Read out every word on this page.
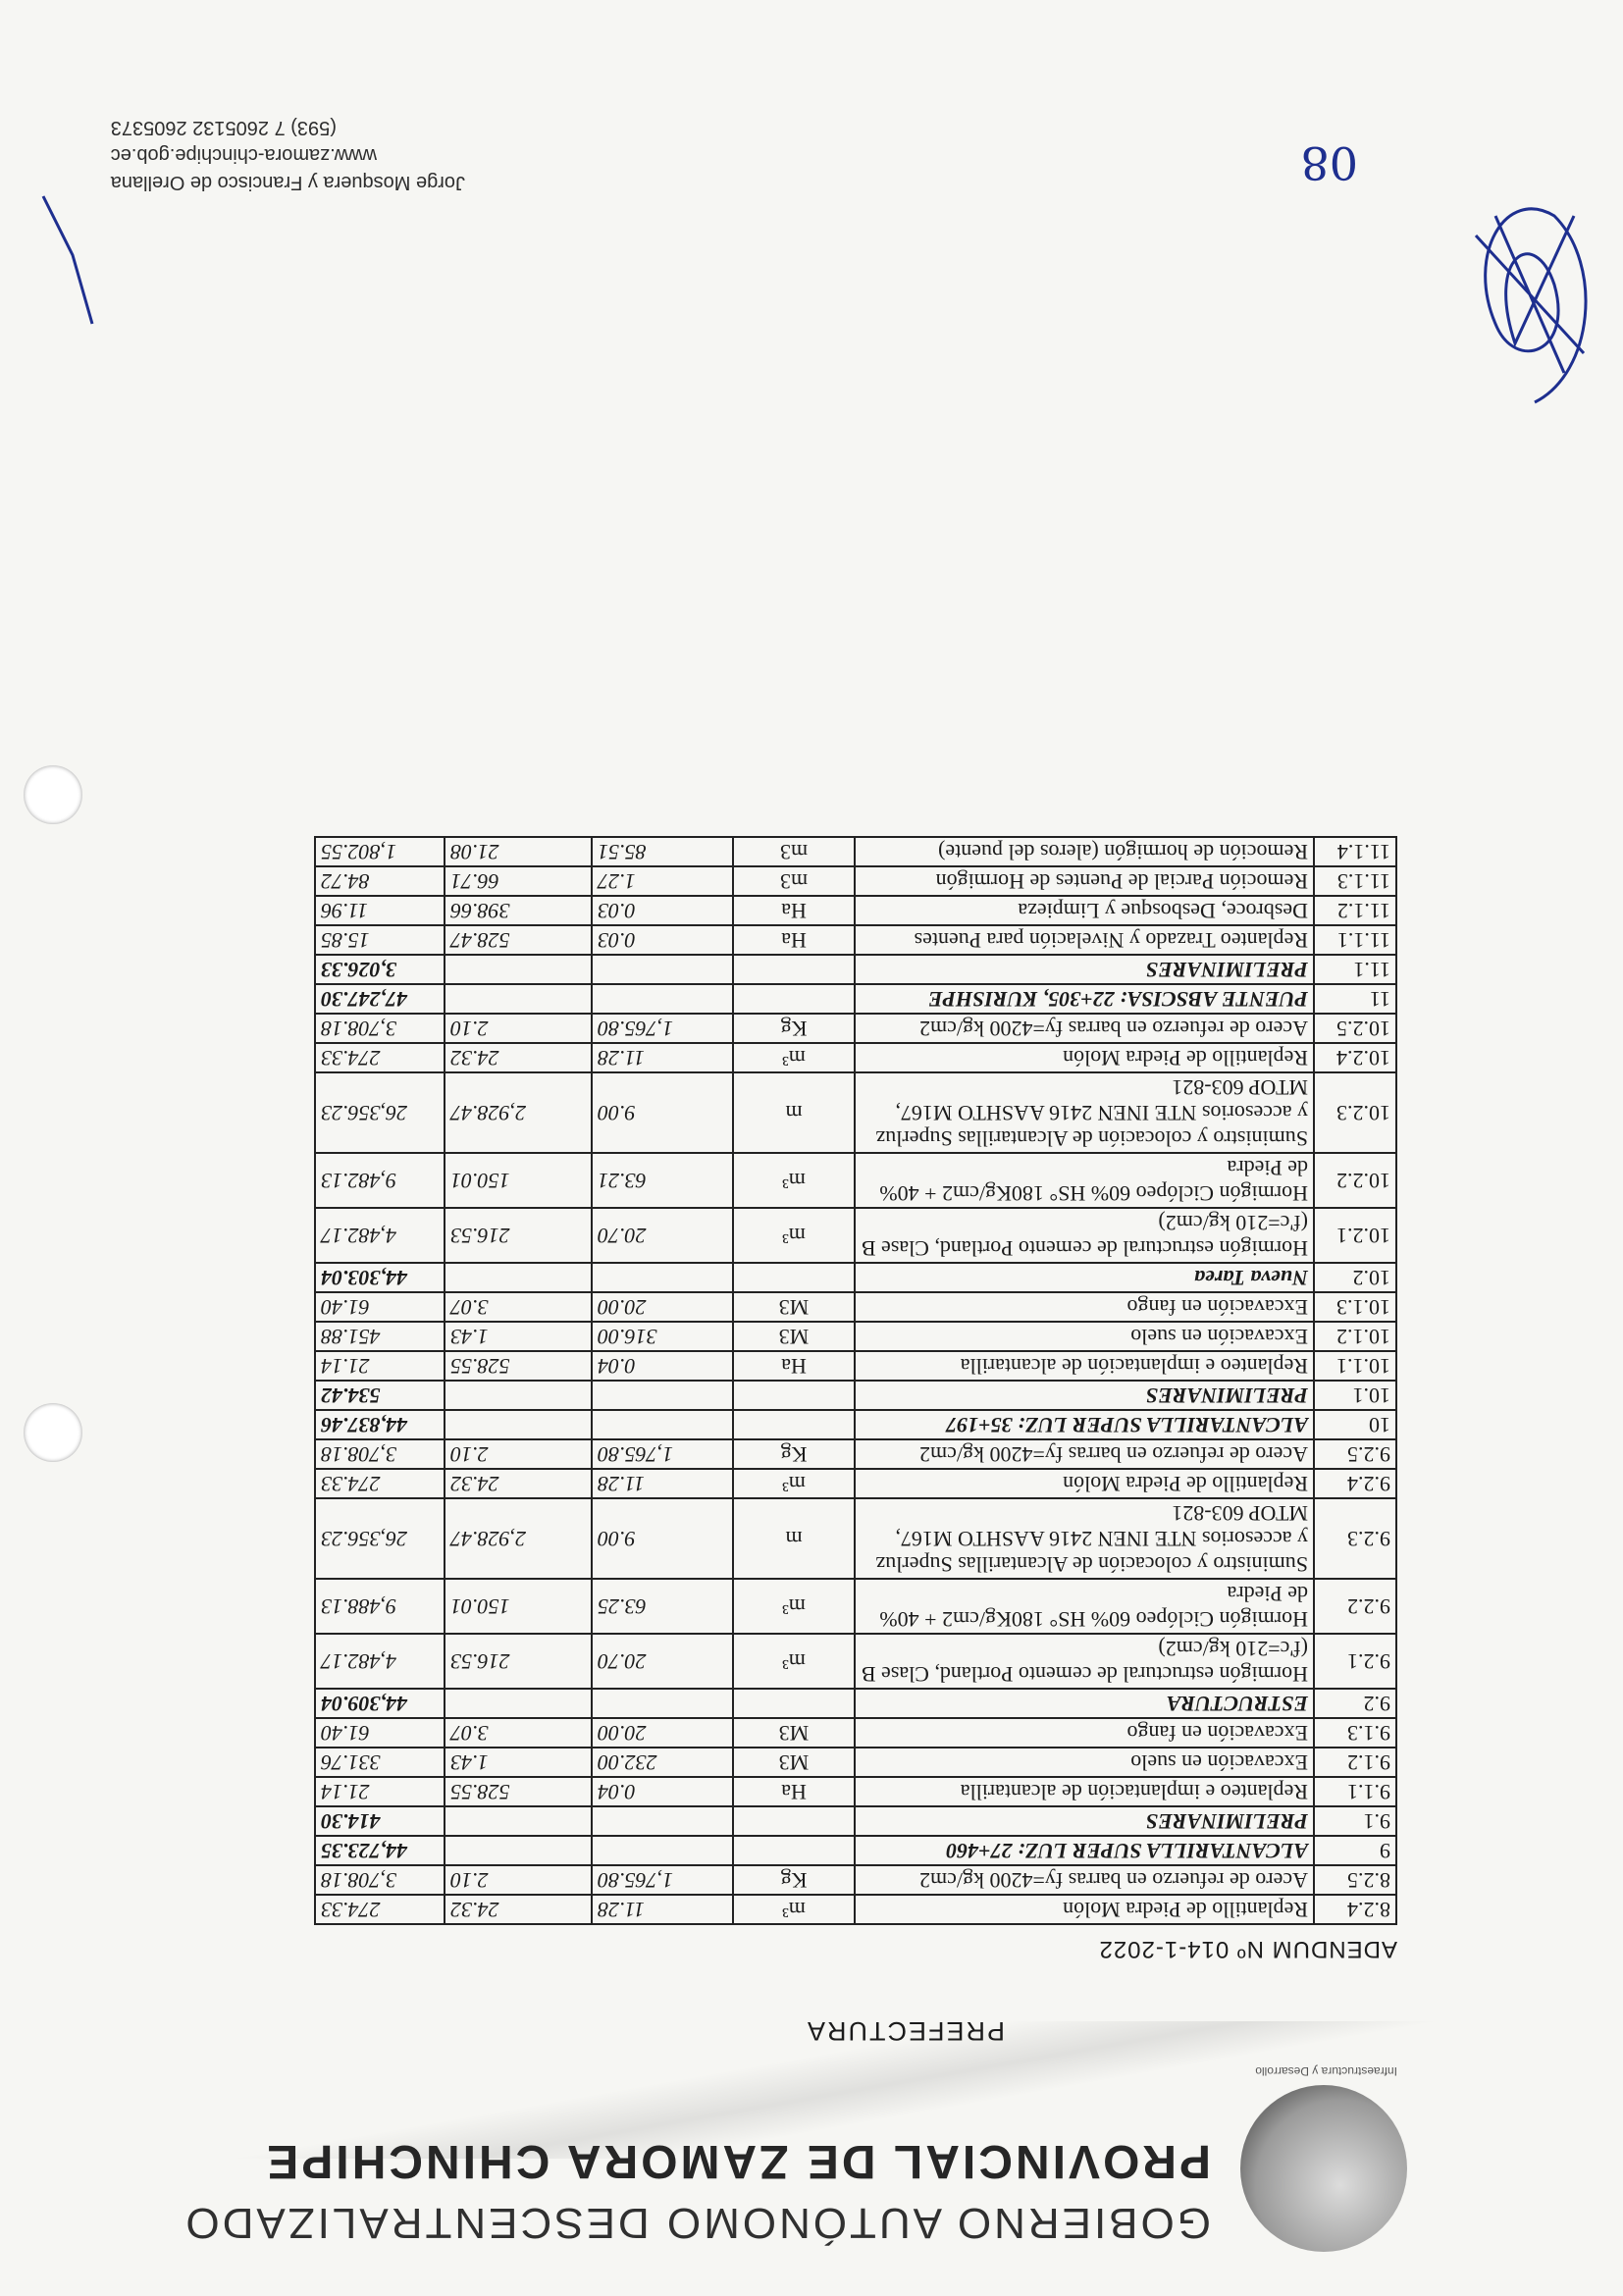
Infraestructura y Desarrollo
GOBIERNO AUTÓNOMO DESCENTRALIZADO
PROVINCIAL DE ZAMORA CHINCHIPE
PREFECTURA
ADENDUM Nº 014-1-2022
8.2.4	Replantillo de Piedra Molón	m³	11.28	24.32	274.33
8.2.5	Acero de refuerzo en barras fy=4200 kg/cm2	Kg	1,765.80	2.10	3,708.18
9	ALCANTARILLA SUPER LUZ: 27+460				44,723.35
9.1	PRELIMINARES				414.30
9.1.1	Replanteo e implantación de alcantarilla	Ha	0.04	528.55	21.14
9.1.2	Excavación en suelo	M3	232.00	1.43	331.76
9.1.3	Excavación en fango	M3	20.00	3.07	61.40
9.2	ESTRUCTURA				44,309.04
9.2.1	Hormigón estructural de cemento Portland, Clase B (f'c=210 kg/cm2)	m³	20.70	216.53	4,482.17
9.2.2	Hormigón Ciclópeo 60% HS° 180Kg/cm2 + 40% de Piedra	m³	63.25	150.01	9,488.13
9.2.3	Suministro y colocación de Alcantarillas Superluz y accesorios NTE INEN 2416 AASHTO M167, MTOP 603-821	m	9.00	2,928.47	26,356.23
9.2.4	Replantillo de Piedra Molón	m³	11.28	24.32	274.33
9.2.5	Acero de refuerzo en barras fy=4200 kg/cm2	Kg	1,765.80	2.10	3,708.18
10	ALCANTARILLA SUPER LUZ: 35+197				44,837.46
10.1	PRELIMINARES				534.42
10.1.1	Replanteo e implantación de alcantarilla	Ha	0.04	528.55	21.14
10.1.2	Excavación en suelo	M3	316.00	1.43	451.88
10.1.3	Excavación en fango	M3	20.00	3.07	61.40
10.2	Nueva Tarea				44,303.04
10.2.1	Hormigón estructural de cemento Portland, Clase B (f'c=210 kg/cm2)	m³	20.70	216.53	4,482.17
10.2.2	Hormigón Ciclópeo 60% HS° 180Kg/cm2 + 40% de Piedra	m³	63.21	150.01	9,482.13
10.2.3	Suministro y colocación de Alcantarillas Superluz y accesorios NTE INEN 2416 AASHTO M167, MTOP 603-821	m	9.00	2,928.47	26,356.23
10.2.4	Replantillo de Piedra Molón	m³	11.28	24.32	274.33
10.2.5	Acero de refuerzo en barras fy=4200 kg/cm2	Kg	1,765.80	2.10	3,708.18
11	PUENTE ABSCISA: 22+305, KURISHPE				47,247.30
11.1	PRELIMINARES				3,026.33
11.1.1	Replanteo Trazado y Nivelación para Puentes	Ha	0.03	528.47	15.85
11.1.2	Desbroce, Desbosque y Limpieza	Ha	0.03	398.66	11.96
11.1.3	Remoción Parcial de Puentes de Hormigón	m3	1.27	66.71	84.72
11.1.4	Remoción de hormigón (aleros del puente)	m3	85.51	21.08	1,802.55
08
Jorge Mosquera y Francisco de Orellana
www.zamora-chinchipe.gob.ec
(593) 7 2605132 2605373
